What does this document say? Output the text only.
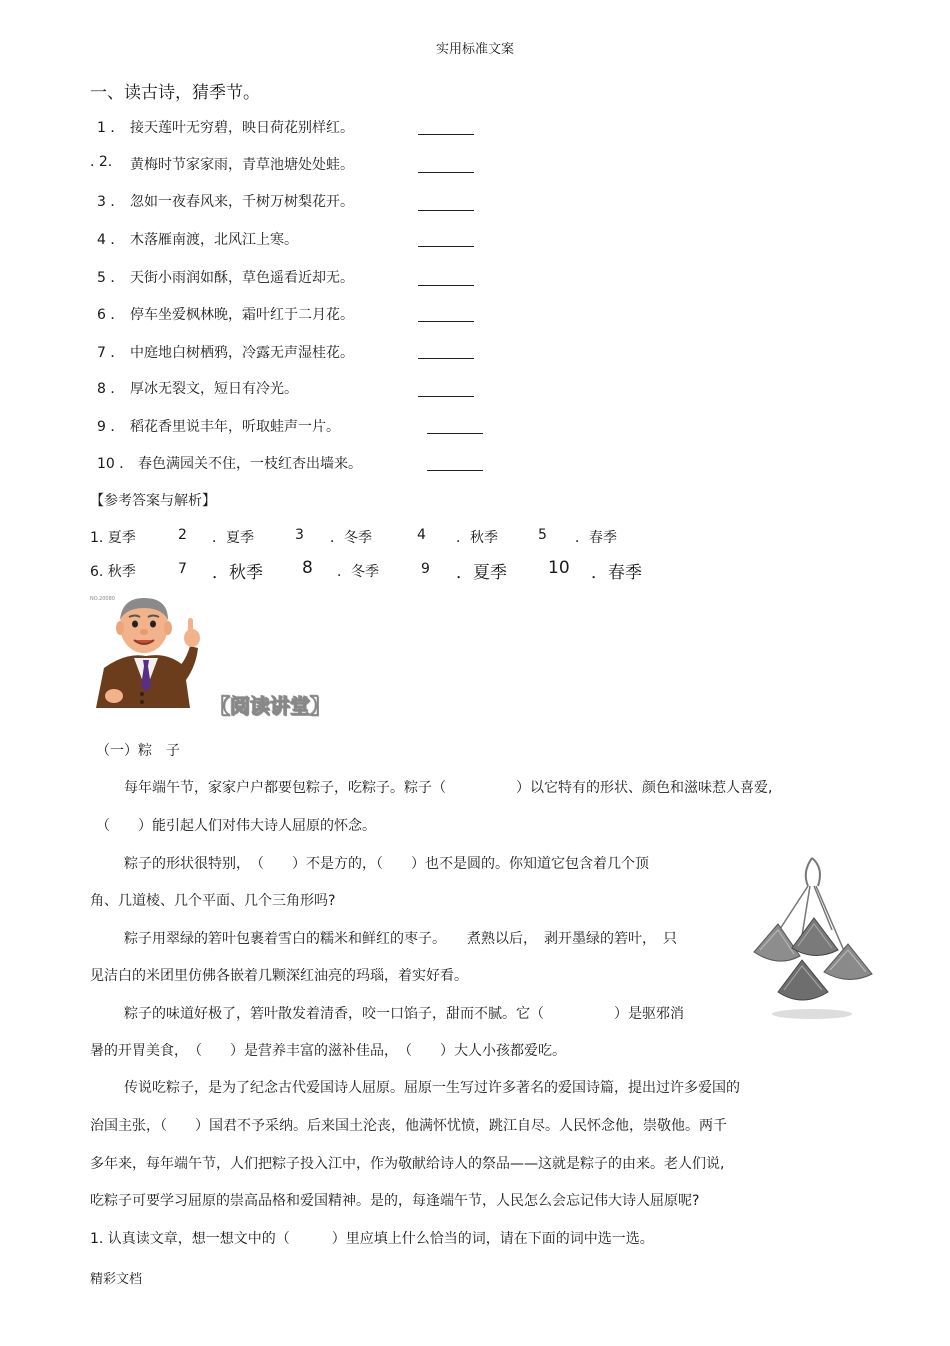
实用标准文案
一、读古诗，猜季节。
1 ． 接天莲叶无穷碧，映日荷花别样红。
. 2. 黄梅时节家家雨，青草池塘处处蛙。
3 ． 忽如一夜春风来，千树万树梨花开。
4 ． 木落雁南渡，北风江上寒。
5 ． 天街小雨润如酥，草色遥看近却无。
6 ． 停车坐爱枫林晚，霜叶红于二月花。
7 ． 中庭地白树栖鸦，冷露无声湿桂花。
8 ． 厚冰无裂文，短日有冷光。
9 ． 稻花香里说丰年，听取蛙声一片。
10 ． 春色满园关不住，一枝红杏出墙来。
【参考答案与解析】
1. 夏季	2 ．夏季	3 ．冬季	4 ．秋季	5 ．春季
6. 秋季	7 ．秋季 8 ．冬季	9 ．夏季 10 ．春季
NO.20080
【阅读讲堂】
（一）粽　子
每年端午节，家家户户都要包粽子，吃粽子。粽子（　　　　　）以它特有的形状、颜色和滋味惹人喜爱,
（　　）能引起人们对伟大诗人屈原的怀念。
粽子的形状很特别，　（　　）不是方的，（　　）也不是圆的。你知道它包含着几个顶
角、几道棱、几个平面、几个三角形吗?
粽子用翠绿的箬叶包裹着雪白的糯米和鲜红的枣子。　　煮熟以后，　剥开墨绿的箬叶，　只
见洁白的米团里仿佛各嵌着几颗深红油亮的玛瑙，着实好看。
粽子的味道好极了，箬叶散发着清香，咬一口馅子，甜而不腻。它（　　　　　）是驱邪消
暑的开胃美食，　（　　）是营养丰富的滋补佳品，　（　　）大人小孩都爱吃。
传说吃粽子，是为了纪念古代爱国诗人屈原。屈原一生写过许多著名的爱国诗篇，提出过许多爱国的
治国主张，（　　）国君不予采纳。后来国土沦丧，他满怀忧愤，跳江自尽。人民怀念他，崇敬他。两千
多年来，每年端午节，人们把粽子投入江中，作为敬献给诗人的祭品——这就是粽子的由来。老人们说,
吃粽子可要学习屈原的崇高品格和爱国精神。是的，每逢端午节，人民怎么会忘记伟大诗人屈原呢?
1. 认真读文章，想一想文中的（　　　）里应填上什么恰当的词，请在下面的词中选一选。
精彩文档
